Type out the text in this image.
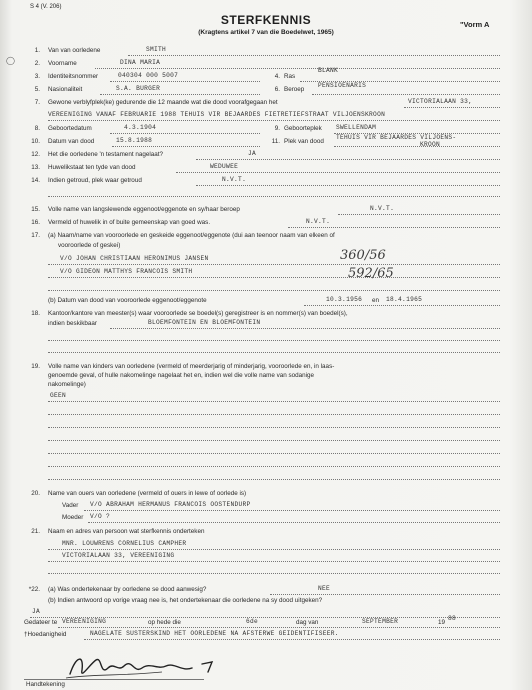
S 4 (V. 206)
STERFKENNIS
(Kragtens artikel 7 van die Boedelwet, 1965)
"Vorm A
◯
1. Van van oorledene	SMITH
2. Voorname	DINA MARIA
3. Identiteitsnommer	040304 000 5007	4. Ras
BLANK
5. Nasionaliteit	S.A. BURGER	6. Beroep
PENSIOENARIS
7. Gewone verblyfplek(ke) gedurende die 12 maande wat die dood voorafgegaan het	VICTORIALAAN 33,
VEREENIGING VANAF FEBRUARIE 1988 TEHUIS VIR BEJAARDES FIETRETIEFSTRAAT VILJOENSKROON
8. Geboortedatum	4.3.1904	9. Geboorteplek SWELLENDAM
10. Datum van dood	15.8.1988	11. Plek van dood
TEHUIS VIR BEJAARDES VILJOENS-
KROON
12. Het die oorledene 'n testament nagelaat?	JA
13. Huwelikstaat ten tyde van dood	WEDUWEE
14. Indien getroud, plek waar getroud	N.V.T.
15. Volle name van langslewende eggenoot/eggenote en sy/haar beroep	N.V.T.
16. Vermeld of huwelik in of buite gemeenskap van goed was.	N.V.T.
17. (a) Naam/name van vooroorlede en geskeide eggenoot/eggenote (dui aan teenoor naam van elkeen of
vooroorlede of geskei)
V/O JOHAN CHRISTIAAN HERONIMUS JANSEN
V/O GIDEON MATTHYS FRANCOIS SMITH
360/56
592/65
(b) Datum van dood van vooroorlede eggenoot/eggenote	10.3.1956 en 18.4.1965
18. Kantoor/kantore van meester(s) waar vooroorlede se boedel(s) geregistreer is en nommer(s) van boedel(s),
indien beskikbaar	BLOEMFONTEIN EN BLOEMFONTEIN
19. Volle name van kinders van oorledene (vermeld of meerderjarig of minderjarig, vooroorlede en, in laas-
genoemde geval, of hulle nakomelinge nagelaat het en, indien wel die volle name van sodanige
nakomelinge)
GEEN
20. Name van ouers van oorledene (vermeld of ouers in lewe of oorlede is)
Vader V/O ABRAHAM HERMANUS FRANCOIS OOSTENDURP
Moeder V/O ?
21. Naam en adres van persoon wat sterfkennis onderteken
MNR. LOUWRENS CORNELIUS CAMPHER
VICTORIALAAN 33, VEREENIGING
*22. (a) Was ondertekenaar by oorledene se dood aanwesig?	NEE
(b) Indien antwoord op vorige vraag nee is, het ondertekenaar die oorledene na sy dood uitgeken?
JA
Gedateer te VEREENIGING	op hede die	6de	dag van	SEPTEMBER	19
88
†Hoedanigheid	NAGELATE SUSTERSKIND HET OORLEDENE NA AFSTERWE GEIDENTIFISEER.
Handtekening
